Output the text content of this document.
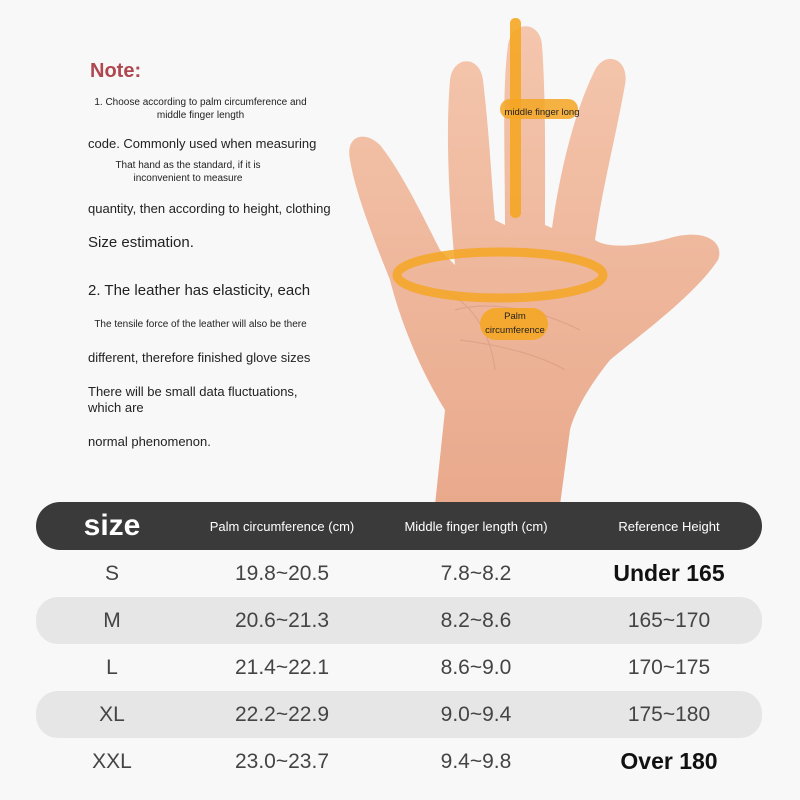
Note:

1. Choose according to palm circumference and middle finger length

code. Commonly used when measuring

That hand as the standard, if it is inconvenient to measure

quantity, then according to height, clothing

Size estimation.

2. The leather has elasticity, each

The tensile force of the leather will also be there

different, therefore finished glove sizes

There will be small data fluctuations, which are

normal phenomenon.

middle finger long
Palm
circumference
size	Palm circumference (cm)	Middle finger length (cm)	Reference Height
S	19.8~20.5	7.8~8.2	Under 165
M	20.6~21.3	8.2~8.6	165~170
L	21.4~22.1	8.6~9.0	170~175
XL	22.2~22.9	9.0~9.4	175~180
XXL	23.0~23.7	9.4~9.8	Over 180
